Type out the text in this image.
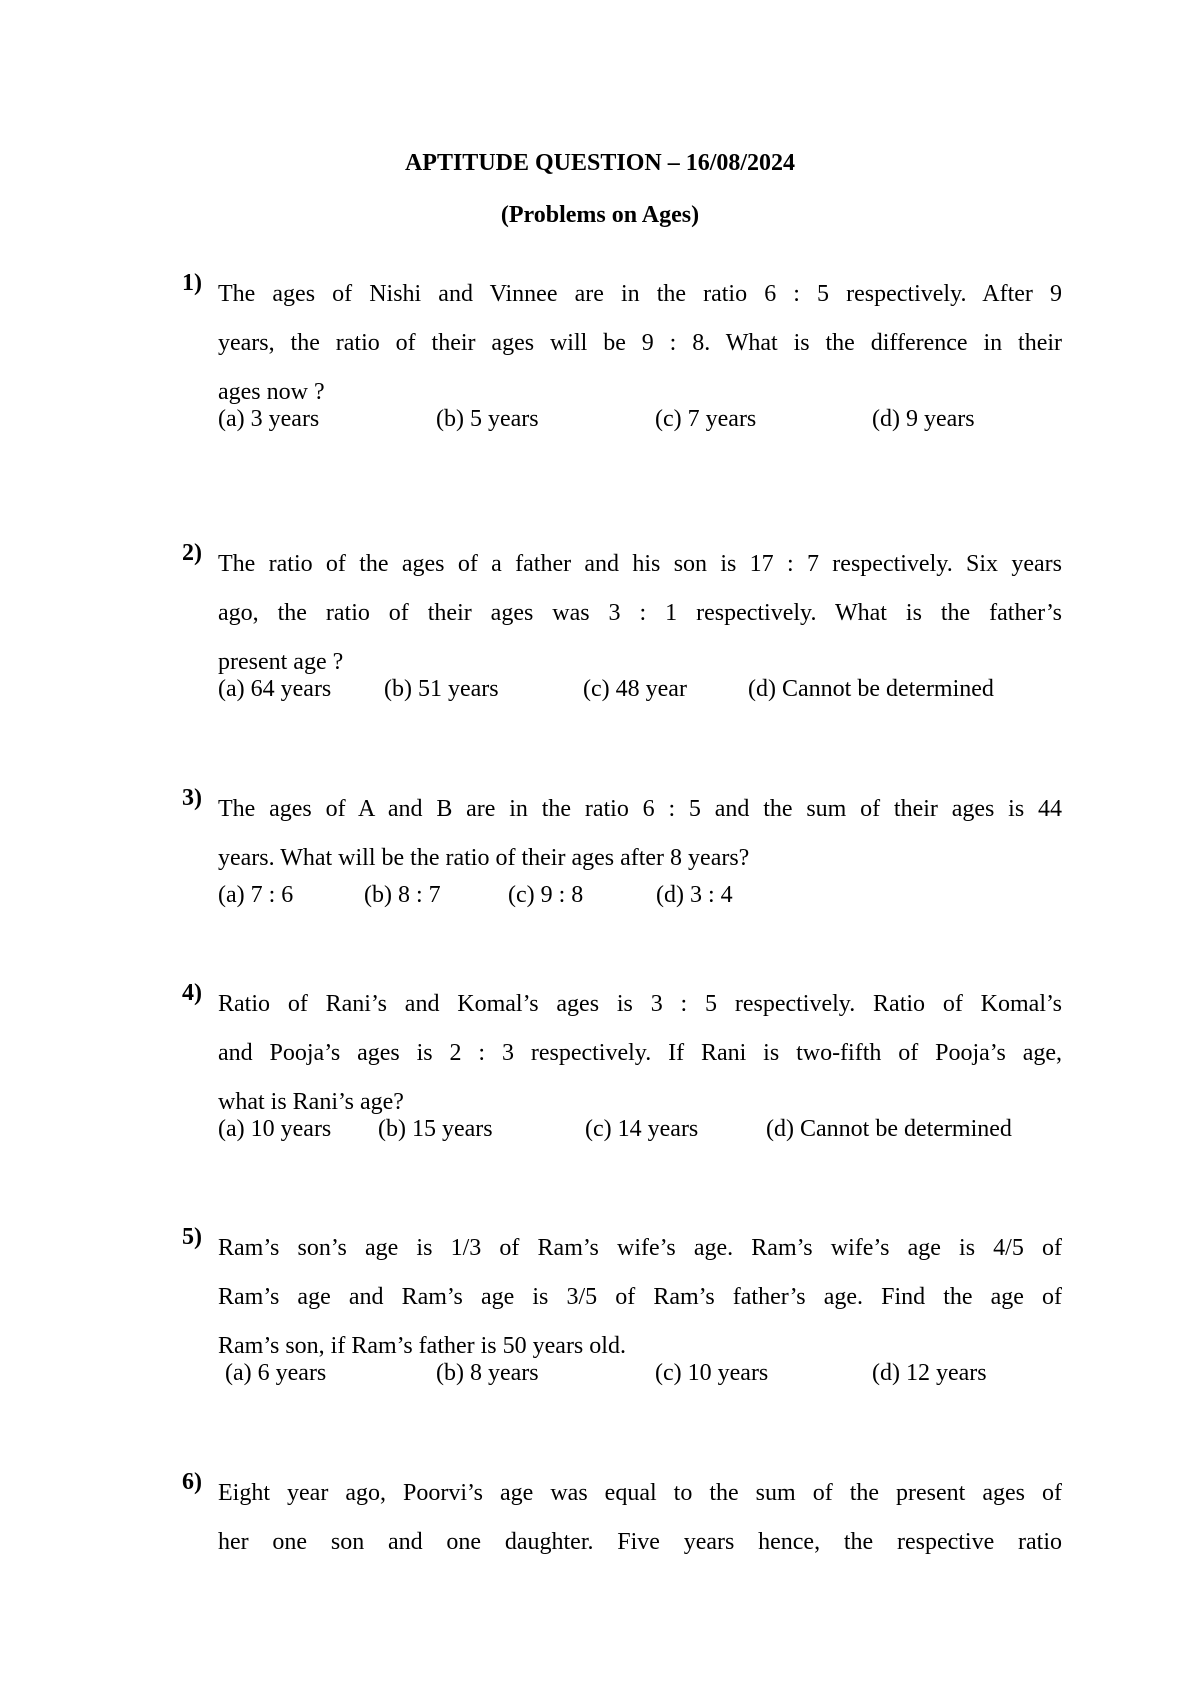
APTITUDE QUESTION – 16/08/2024
(Problems on Ages)
1) The ages of Nishi and Vinnee are in the ratio 6 : 5 respectively. After 9
years, the ratio of their ages will be 9 : 8. What is the difference in their
ages now ?
(a) 3 years	(b) 5 years	(c) 7 years	(d) 9 years
2) The ratio of the ages of a father and his son is 17 : 7 respectively. Six years
ago, the ratio of their ages was 3 : 1 respectively. What is the father’s
present age ?
(a) 64 years (b) 51 years	(c) 48 year	(d) Cannot be determined
3) The ages of A and B are in the ratio 6 : 5 and the sum of their ages is 44
years. What will be the ratio of their ages after 8 years?
(a) 7 : 6	(b) 8 : 7	(c) 9 : 8	(d) 3 : 4
4) Ratio of Rani’s and Komal’s ages is 3 : 5 respectively. Ratio of Komal’s
and Pooja’s ages is 2 : 3 respectively. If Rani is two-fifth of Pooja’s age,
what is Rani’s age?
(a) 10 years (b) 15 years	(c) 14 years	(d) Cannot be determined
5) Ram’s son’s age is 1/3 of Ram’s wife’s age. Ram’s wife’s age is 4/5 of
Ram’s age and Ram’s age is 3/5 of Ram’s father’s age. Find the age of
Ram’s son, if Ram’s father is 50 years old.
(a) 6 years	(b) 8 years	(c) 10 years	(d) 12 years
6) Eight year ago, Poorvi’s age was equal to the sum of the present ages of
her one son and one daughter. Five years hence, the respective ratio
